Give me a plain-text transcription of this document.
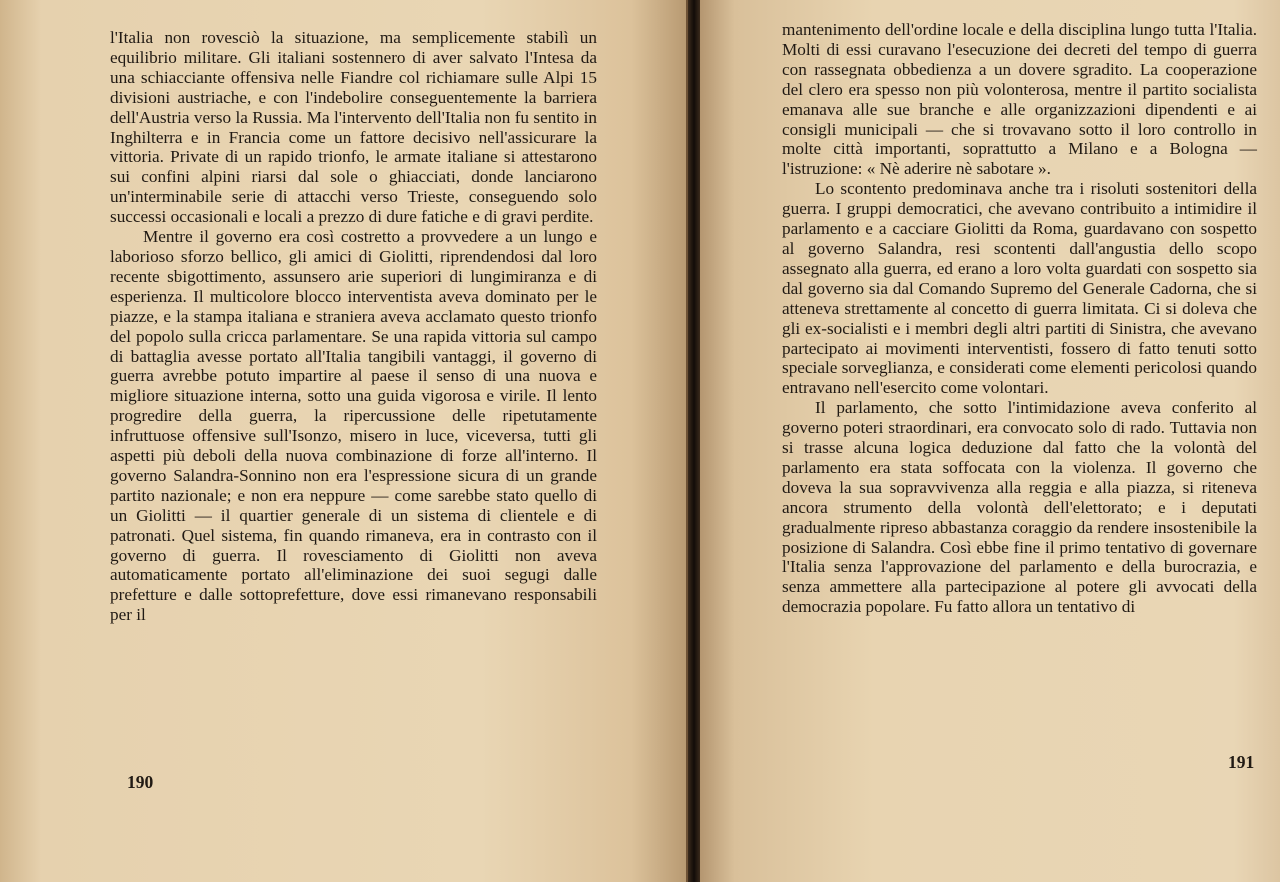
l'Italia non rovesciò la situazione, ma semplicemente stabilì un equilibrio militare. Gli italiani sostennero di aver salvato l'Intesa da una schiacciante offensiva nelle Fiandre col richiamare sulle Alpi 15 divisioni austriache, e con l'indebolire conseguentemente la barriera dell'Austria verso la Russia. Ma l'intervento dell'Italia non fu sentito in Inghilterra e in Francia come un fattore decisivo nell'assicurare la vittoria. Private di un rapido trionfo, le armate italiane si attestarono sui confini alpini riarsi dal sole o ghiacciati, donde lanciarono un'interminabile serie di attacchi verso Trieste, conseguendo solo successi occasionali e locali a prezzo di dure fatiche e di gravi perdite.

Mentre il governo era così costretto a provvedere a un lungo e laborioso sforzo bellico, gli amici di Giolitti, riprendendosi dal loro recente sbigottimento, assunsero arie superiori di lungimiranza e di esperienza. Il multicolore blocco interventista aveva dominato per le piazze, e la stampa italiana e straniera aveva acclamato questo trionfo del popolo sulla cricca parlamentare. Se una rapida vittoria sul campo di battaglia avesse portato all'Italia tangibili vantaggi, il governo di guerra avrebbe potuto impartire al paese il senso di una nuova e migliore situazione interna, sotto una guida vigorosa e virile. Il lento progredire della guerra, la ripercussione delle ripetutamente infruttuose offensive sull'Isonzo, misero in luce, viceversa, tutti gli aspetti più deboli della nuova combinazione di forze all'interno. Il governo Salandra-Sonnino non era l'espressione sicura di un grande partito nazionale; e non era neppure — come sarebbe stato quello di un Giolitti — il quartier generale di un sistema di clientele e di patronati. Quel sistema, fin quando rimaneva, era in contrasto con il governo di guerra. Il rovesciamento di Giolitti non aveva automaticamente portato all'eliminazione dei suoi segugi dalle prefetture e dalle sottoprefetture, dove essi rimanevano responsabili per il

190

mantenimento dell'ordine locale e della disciplina lungo tutta l'Italia. Molti di essi curavano l'esecuzione dei decreti del tempo di guerra con rassegnata obbedienza a un dovere sgradito. La cooperazione del clero era spesso non più volonterosa, mentre il partito socialista emanava alle sue branche e alle organizzazioni dipendenti e ai consigli municipali — che si trovavano sotto il loro controllo in molte città importanti, soprattutto a Milano e a Bologna — l'istruzione: « Nè aderire nè sabotare ».

Lo scontento predominava anche tra i risoluti sostenitori della guerra. I gruppi democratici, che avevano contribuito a intimidire il parlamento e a cacciare Giolitti da Roma, guardavano con sospetto al governo Salandra, resi scontenti dall'angustia dello scopo assegnato alla guerra, ed erano a loro volta guardati con sospetto sia dal governo sia dal Comando Supremo del Generale Cadorna, che si atteneva strettamente al concetto di guerra limitata. Ci si doleva che gli ex-socialisti e i membri degli altri partiti di Sinistra, che avevano partecipato ai movimenti interventisti, fossero di fatto tenuti sotto speciale sorveglianza, e considerati come elementi pericolosi quando entravano nell'esercito come volontari.

Il parlamento, che sotto l'intimidazione aveva conferito al governo poteri straordinari, era convocato solo di rado. Tuttavia non si trasse alcuna logica deduzione dal fatto che la volontà del parlamento era stata soffocata con la violenza. Il governo che doveva la sua sopravvivenza alla reggia e alla piazza, si riteneva ancora strumento della volontà dell'elettorato; e i deputati gradualmente ripreso abbastanza coraggio da rendere insostenibile la posizione di Salandra. Così ebbe fine il primo tentativo di governare l'Italia senza l'approvazione del parlamento e della burocrazia, e senza ammettere alla partecipazione al potere gli avvocati della democrazia popolare. Fu fatto allora un tentativo di

191
